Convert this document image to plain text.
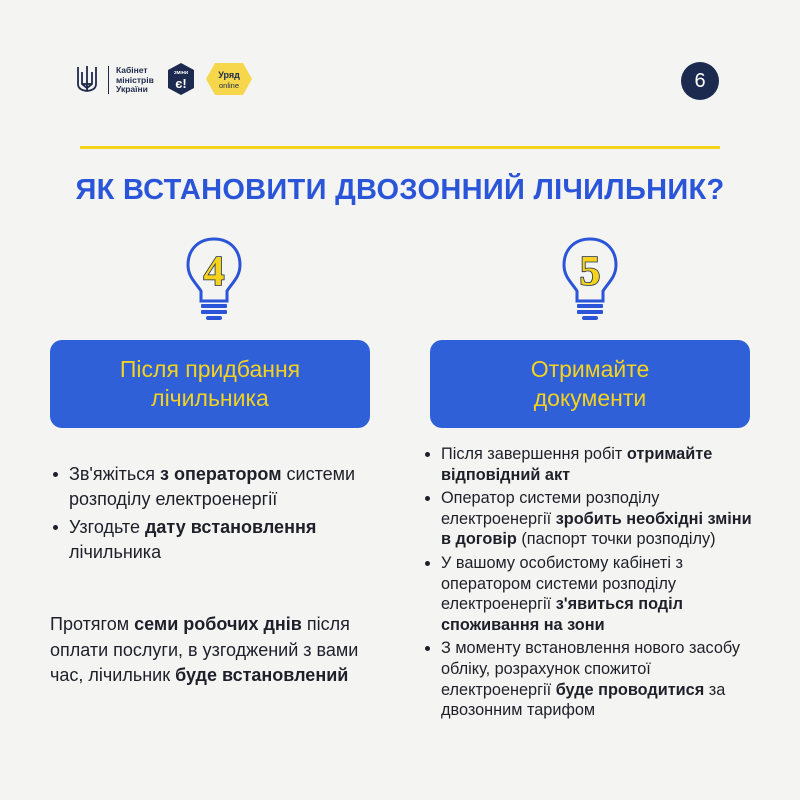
Кабінет
міністрів
України
ЗМІНИ
є!
Уряд
online	6
ЯК ВСТАНОВИТИ ДВОЗОННИЙ ЛІЧИЛЬНИК?
4	5
Після придбання
лічильника
Отримайте
документи
Зв'яжіться з оператором системи розподілу електроенергії
Узгодьте дату встановлення лічильника
Протягом семи робочих днів після оплати послуги, в узгоджений з вами час, лічильник буде встановлений
Після завершення робіт отримайте відповідний акт
Оператор системи розподілу електроенергії зробить необхідні зміни в договір (паспорт точки розподілу)
У вашому особистому кабінеті з оператором системи розподілу електроенергії з'явиться поділ споживання на зони
З моменту встановлення нового засобу обліку, розрахунок спожитої електроенергії буде проводитися за двозонним тарифом
